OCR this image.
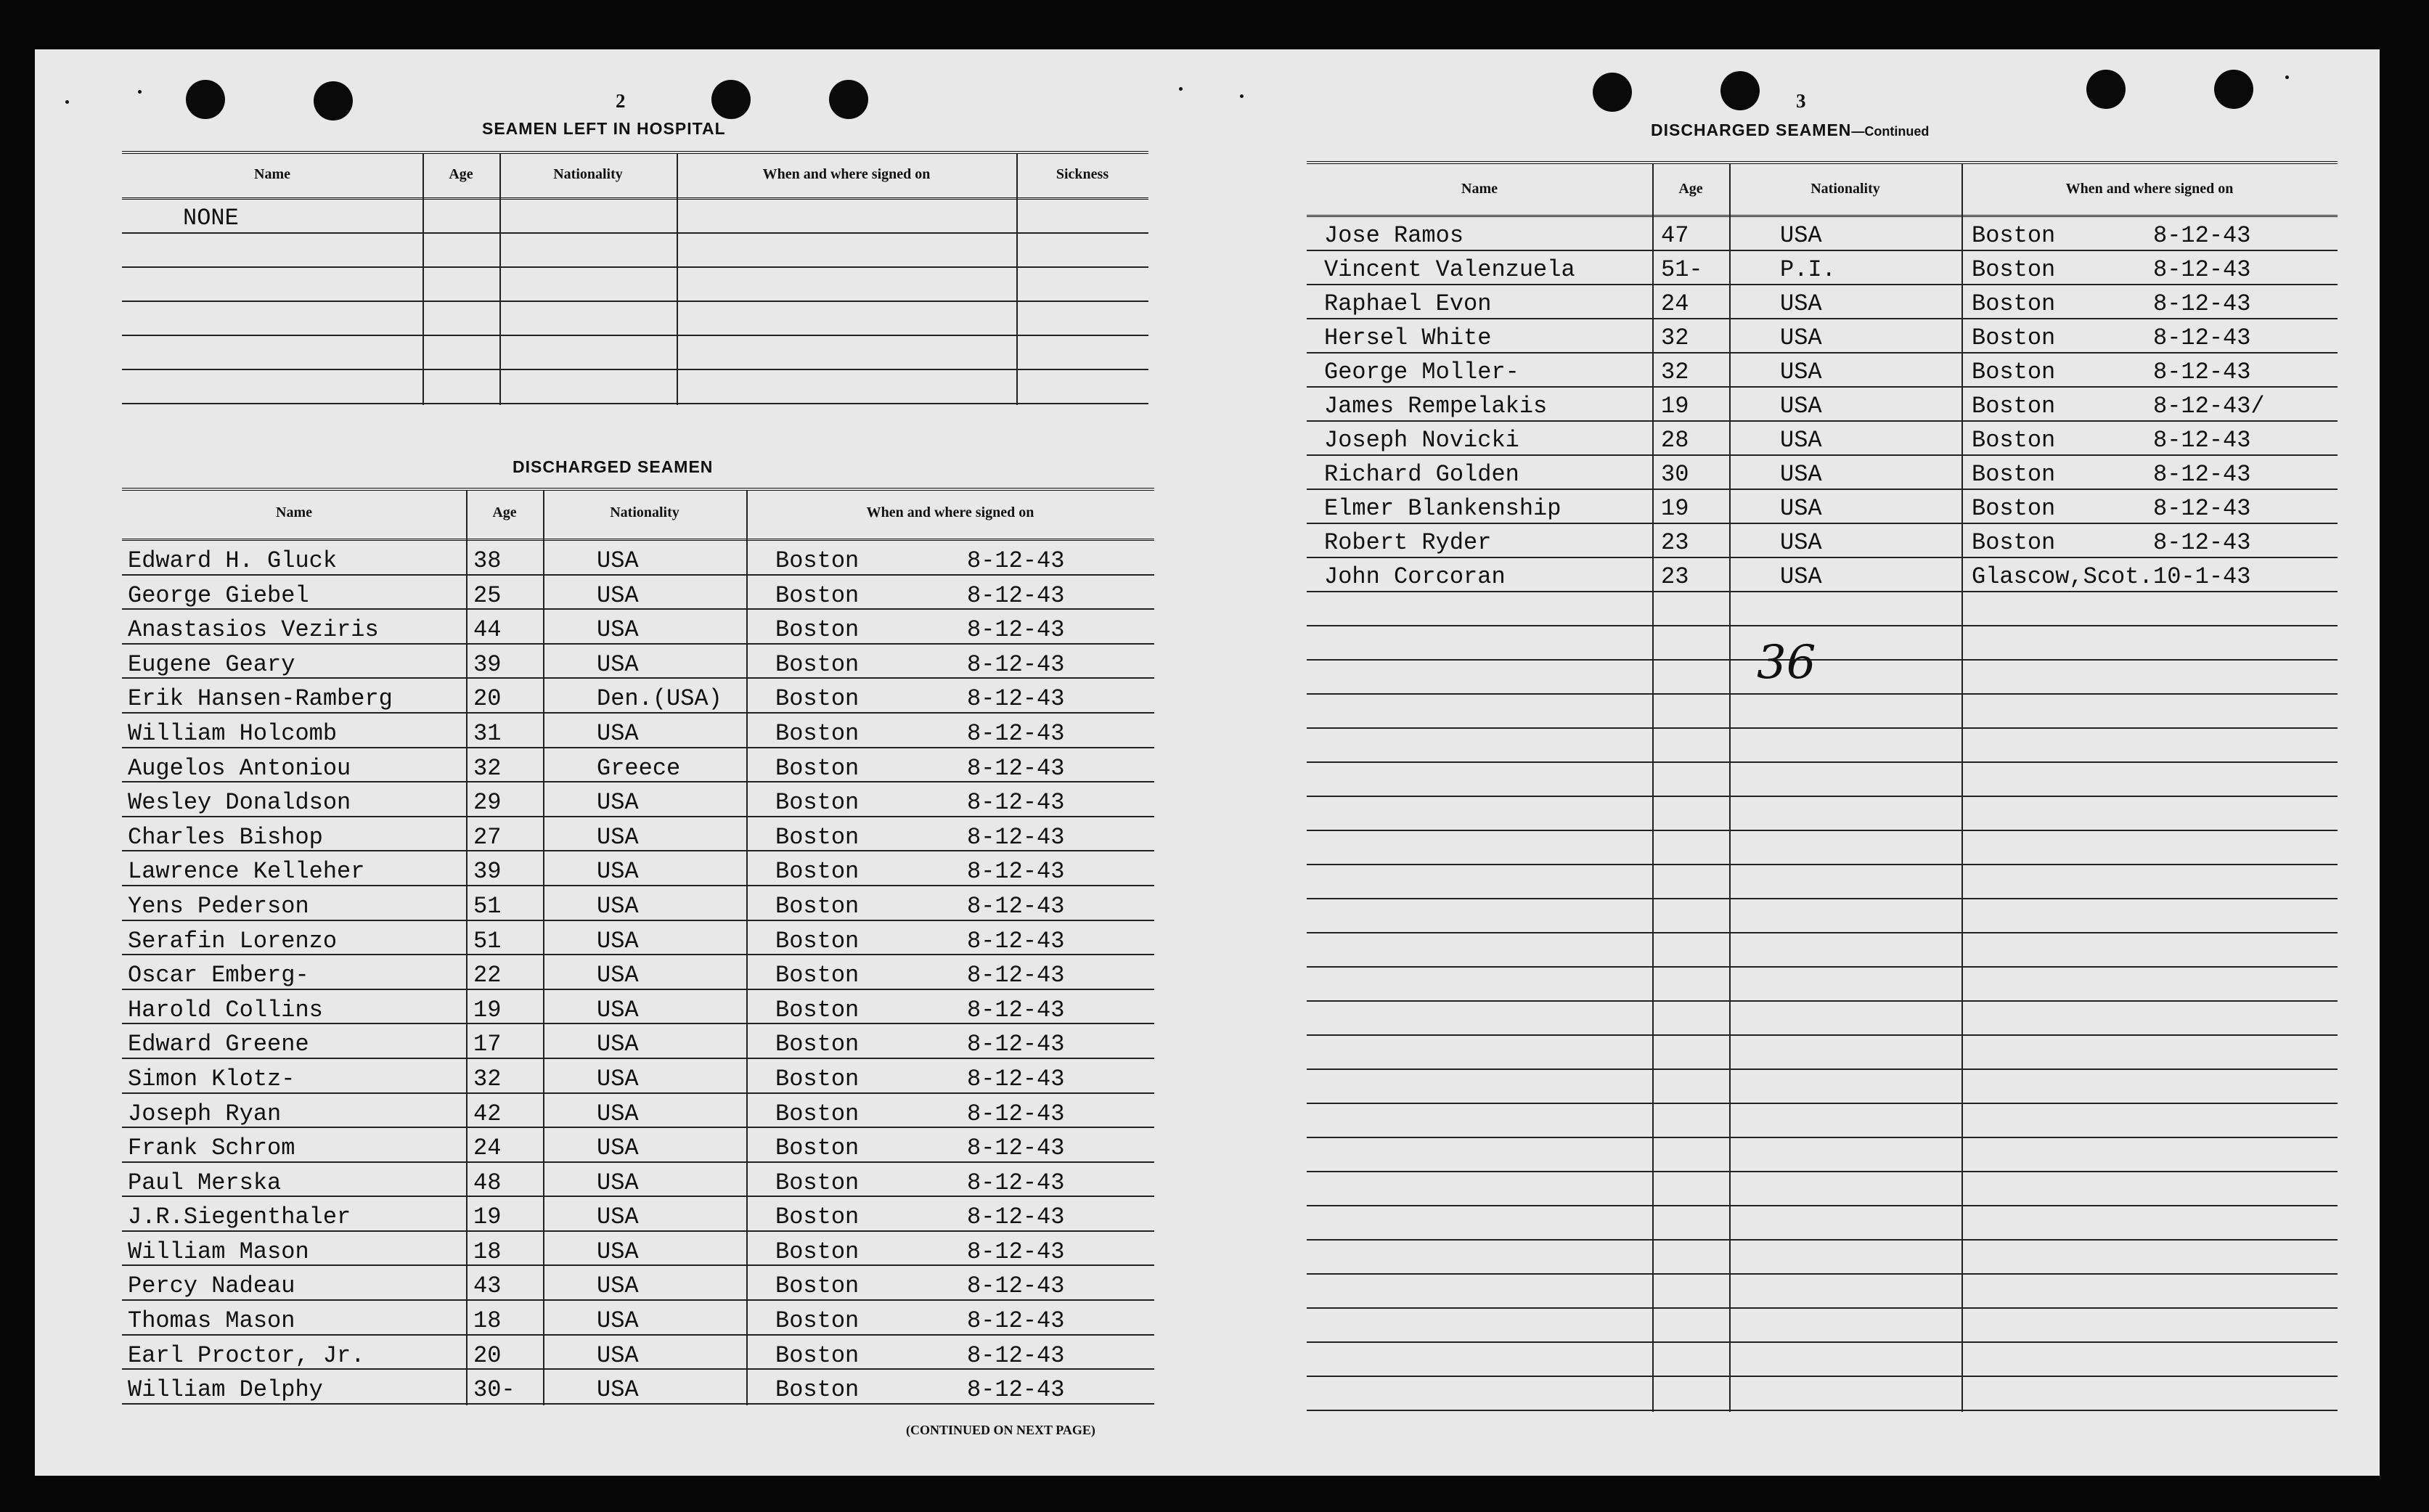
2
SEAMEN LEFT IN HOSPITAL
Name	Age	Nationality	When and where signed on	Sickness
NONE
DISCHARGED SEAMEN
Name	Age	Nationality	When and where signed on
Edward H. Gluck	38	USA	Boston	8-12-43
George Giebel	25	USA	Boston	8-12-43
Anastasios Veziris	44	USA	Boston	8-12-43
Eugene Geary	39	USA	Boston	8-12-43
Erik Hansen-Ramberg	20	Den.(USA) Boston	8-12-43
William Holcomb	31	USA	Boston	8-12-43
Augelos Antoniou	32	Greece	Boston	8-12-43
Wesley Donaldson	29	USA	Boston	8-12-43
Charles Bishop	27	USA	Boston	8-12-43
Lawrence Kelleher	39	USA	Boston	8-12-43
Yens Pederson	51	USA	Boston	8-12-43
Serafin Lorenzo	51	USA	Boston	8-12-43
Oscar Emberg-	22	USA	Boston	8-12-43
Harold Collins	19	USA	Boston	8-12-43
Edward Greene	17	USA	Boston	8-12-43
Simon Klotz-	32	USA	Boston	8-12-43
Joseph Ryan	42	USA	Boston	8-12-43
Frank Schrom	24	USA	Boston	8-12-43
Paul Merska	48	USA	Boston	8-12-43
J.R.Siegenthaler	19	USA	Boston	8-12-43
William Mason	18	USA	Boston	8-12-43
Percy Nadeau	43	USA	Boston	8-12-43
Thomas Mason	18	USA	Boston	8-12-43
Earl Proctor, Jr.	20	USA	Boston	8-12-43
William Delphy	30-	USA	Boston	8-12-43
(CONTINUED ON NEXT PAGE)
3
DISCHARGED SEAMEN—Continued
Name	Age	Nationality	When and where signed on
Jose Ramos	47	USA	Boston	8-12-43
Vincent Valenzuela	51-	P.I.	Boston	8-12-43
Raphael Evon	24	USA	Boston	8-12-43
Hersel White	32	USA	Boston	8-12-43
George Moller-	32	USA	Boston	8-12-43
James Rempelakis	19	USA	Boston	8-12-43/
Joseph Novicki	28	USA	Boston	8-12-43
Richard Golden	30	USA	Boston	8-12-43
Elmer Blankenship	19	USA	Boston	8-12-43
Robert Ryder	23	USA	Boston	8-12-43
John Corcoran	23	USA	Glascow,Scot. 10-1-43
36
